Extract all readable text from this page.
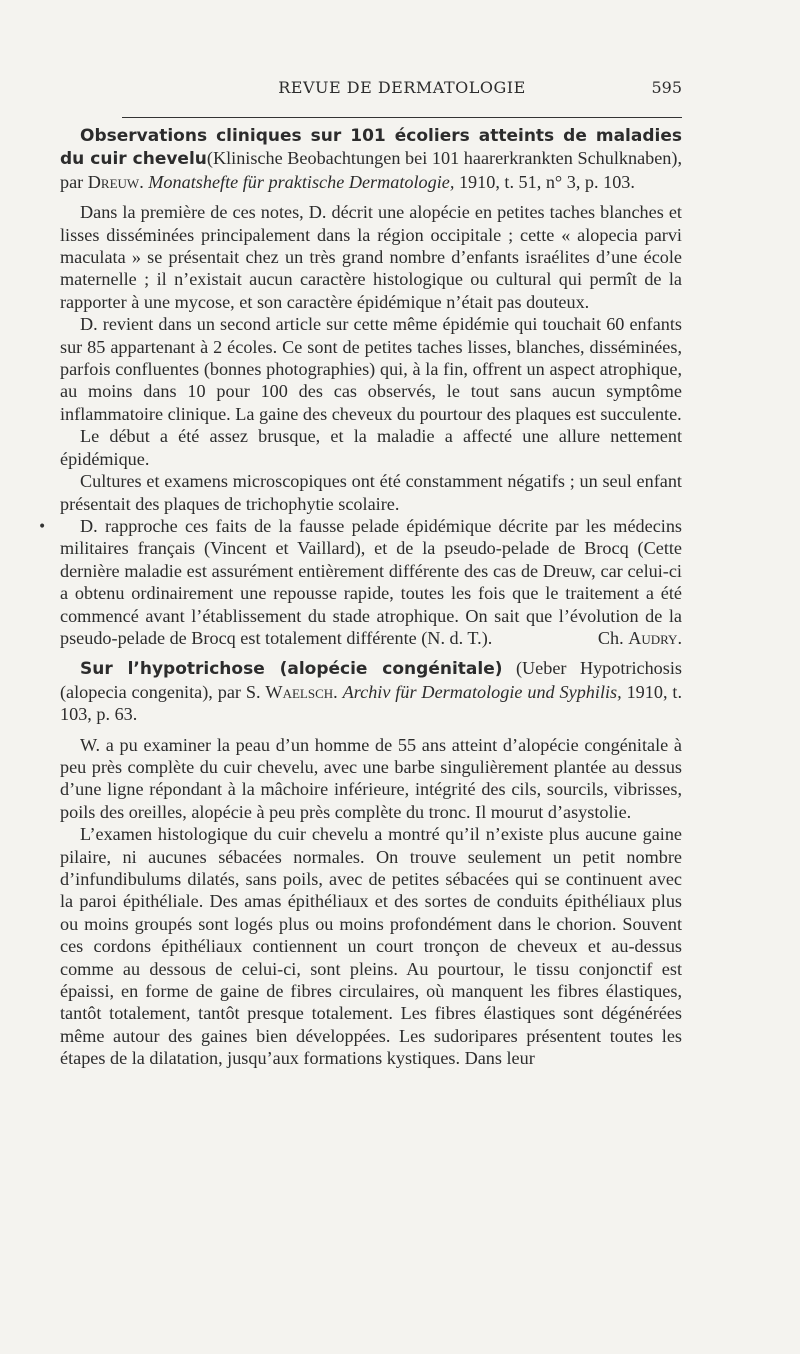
REVUE DE DERMATOLOGIE	595
•

Observations cliniques sur 101 écoliers atteints de maladies du cuir chevelu(Klinische Beobachtungen bei 101 haarerkrankten Schulknaben), par Dreuw. Monatshefte für praktische Dermatologie, 1910, t. 51, n° 3, p. 103.

Dans la première de ces notes, D. décrit une alopécie en petites taches blanches et lisses disséminées principalement dans la région occipitale ; cette « alopecia parvi maculata » se présentait chez un très grand nombre d’enfants israélites d’une école maternelle ; il n’existait aucun caractère histologique ou cultural qui permît de la rapporter à une mycose, et son caractère épidémique n’était pas douteux.

D. revient dans un second article sur cette même épidémie qui touchait 60 enfants sur 85 appartenant à 2 écoles. Ce sont de petites taches lisses, blanches, disséminées, parfois confluentes (bonnes photographies) qui, à la fin, offrent un aspect atrophique, au moins dans 10 pour 100 des cas observés, le tout sans aucun symptôme inflammatoire clinique. La gaine des cheveux du pourtour des plaques est succulente.

Le début a été assez brusque, et la maladie a affecté une allure nettement épidémique.

Cultures et examens microscopiques ont été constamment négatifs ; un seul enfant présentait des plaques de trichophytie scolaire.

D. rapproche ces faits de la fausse pelade épidémique décrite par les médecins militaires français (Vincent et Vaillard), et de la pseudo-pelade de Brocq (Cette dernière maladie est assurément entièrement différente des cas de Dreuw, car celui-ci a obtenu ordinairement une repousse rapide, toutes les fois que le traitement a été commencé avant l’établissement du stade atrophique. On sait que l’évolution de la pseudo-pelade de Brocq est totalement différente (N. d. T.).	Ch. Audry.

Sur l’hypotrichose (alopécie congénitale) (Ueber Hypotrichosis (alopecia congenita), par S. Waelsch. Archiv für Dermatologie und Syphilis, 1910, t. 103, p. 63.

W. a pu examiner la peau d’un homme de 55 ans atteint d’alopécie congénitale à peu près complète du cuir chevelu, avec une barbe singulièrement plantée au dessus d’une ligne répondant à la mâchoire inférieure, intégrité des cils, sourcils, vibrisses, poils des oreilles, alopécie à peu près complète du tronc. Il mourut d’asystolie.

L’examen histologique du cuir chevelu a montré qu’il n’existe plus aucune gaine pilaire, ni aucunes sébacées normales. On trouve seulement un petit nombre d’infundibulums dilatés, sans poils, avec de petites sébacées qui se continuent avec la paroi épithéliale. Des amas épithéliaux et des sortes de conduits épithéliaux plus ou moins groupés sont logés plus ou moins profondément dans le chorion. Souvent ces cordons épithéliaux contiennent un court tronçon de cheveux et au-dessus comme au dessous de celui-ci, sont pleins. Au pourtour, le tissu conjonctif est épaissi, en forme de gaine de fibres circulaires, où manquent les fibres élastiques, tantôt totalement, tantôt presque totalement. Les fibres élastiques sont dégénérées même autour des gaines bien développées. Les sudoripares présentent toutes les étapes de la dilatation, jusqu’aux formations kystiques. Dans leur
